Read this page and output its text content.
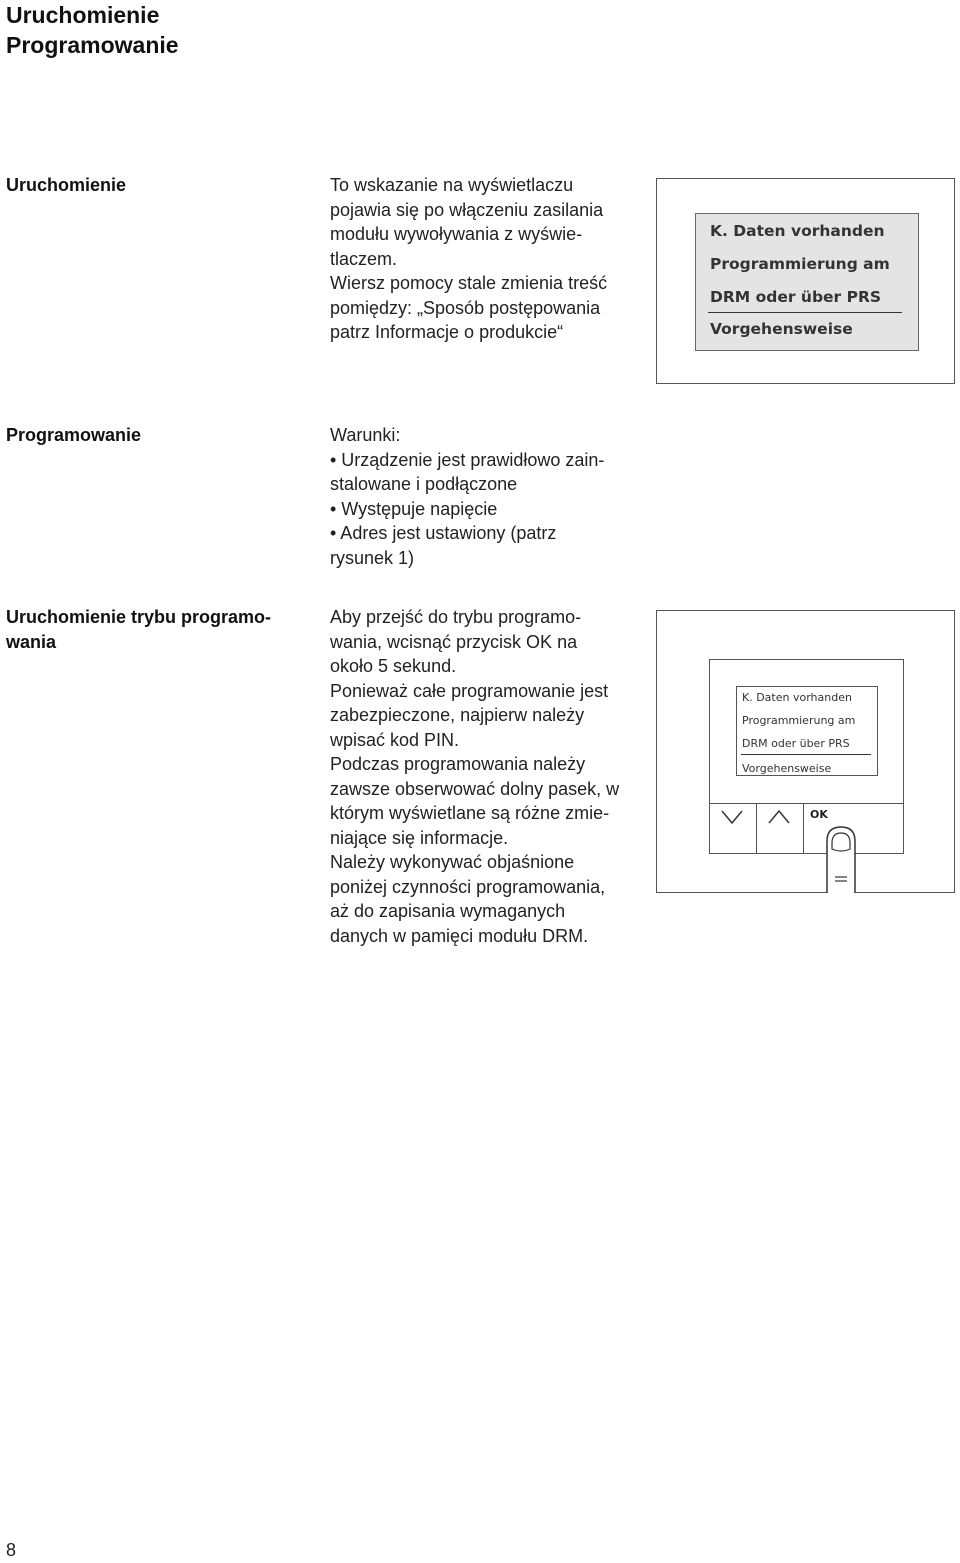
Uruchomienie
Programowanie
Uruchomienie	To wskazanie na wyświetlaczu
pojawia się po włączeniu zasilania
modułu wywoływania z wyświe-
tlaczem.
Wiersz pomocy stale zmienia treść
pomiędzy: „Sposób postępowania
patrz Informacje o produkcie“
K. Daten vorhanden
Programmierung am
DRM oder über PRS
Vorgehensweise
Programowanie	Warunki:
• Urządzenie jest prawidłowo zain-
stalowane i podłączone
• Występuje napięcie
• Adres jest ustawiony (patrz
rysunek 1)
Uruchomienie trybu programo-
wania
Aby przejść do trybu programo-
wania, wcisnąć przycisk OK na
około 5 sekund.
Ponieważ całe programowanie jest
zabezpieczone, najpierw należy
wpisać kod PIN.
Podczas programowania należy
zawsze obserwować dolny pasek, w
którym wyświetlane są różne zmie-
niające się informacje.
Należy wykonywać objaśnione
poniżej czynności programowania,
aż do zapisania wymaganych
danych w pamięci modułu DRM.
K. Daten vorhanden
Programmierung am
DRM oder über PRS
Vorgehensweise
OK
8
